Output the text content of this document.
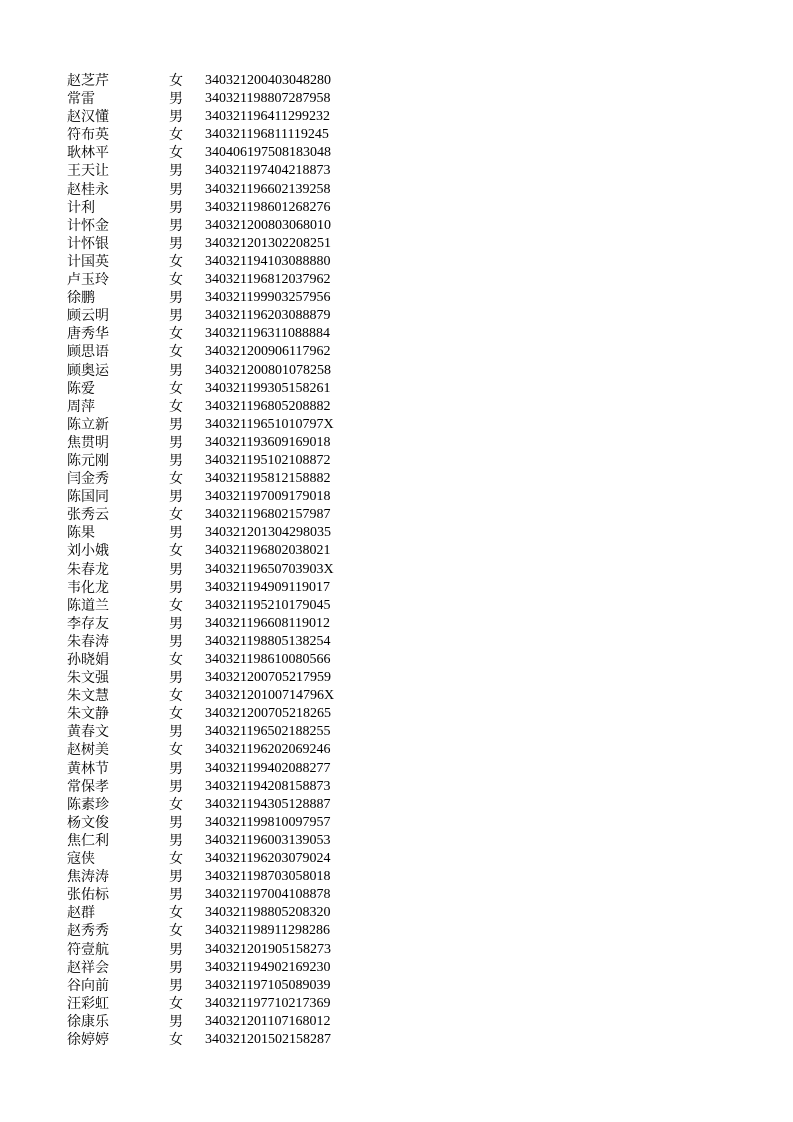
赵芝芹	女	340321200403048280
常雷	男	340321198807287958
赵汉懂	男	340321196411299232
符布英	女	340321196811119245
耿林平	女	340406197508183048
王天让	男	340321197404218873
赵桂永	男	340321196602139258
计利	男	340321198601268276
计怀金	男	340321200803068010
计怀银	男	340321201302208251
计国英	女	340321194103088880
卢玉玲	女	340321196812037962
徐鹏	男	340321199903257956
顾云明	男	340321196203088879
唐秀华	女	340321196311088884
顾思语	女	340321200906117962
顾奥运	男	340321200801078258
陈爱	女	340321199305158261
周萍	女	340321196805208882
陈立新	男	34032119651010797X
焦贯明	男	340321193609169018
陈元刚	男	340321195102108872
闫金秀	女	340321195812158882
陈国同	男	340321197009179018
张秀云	女	340321196802157987
陈果	男	340321201304298035
刘小娥	女	340321196802038021
朱春龙	男	34032119650703903X
韦化龙	男	340321194909119017
陈道兰	女	340321195210179045
李存友	男	340321196608119012
朱春涛	男	340321198805138254
孙晓娟	女	340321198610080566
朱文强	男	340321200705217959
朱文慧	女	34032120100714796X
朱文静	女	340321200705218265
黄春文	男	340321196502188255
赵树美	女	340321196202069246
黄林节	男	340321199402088277
常保孝	男	340321194208158873
陈素珍	女	340321194305128887
杨文俊	男	340321199810097957
焦仁利	男	340321196003139053
寇侠	女	340321196203079024
焦涛涛	男	340321198703058018
张佑标	男	340321197004108878
赵群	女	340321198805208320
赵秀秀	女	340321198911298286
符壹航	男	340321201905158273
赵祥会	男	340321194902169230
谷向前	男	340321197105089039
汪彩虹	女	340321197710217369
徐康乐	男	340321201107168012
徐婷婷	女	340321201502158287
